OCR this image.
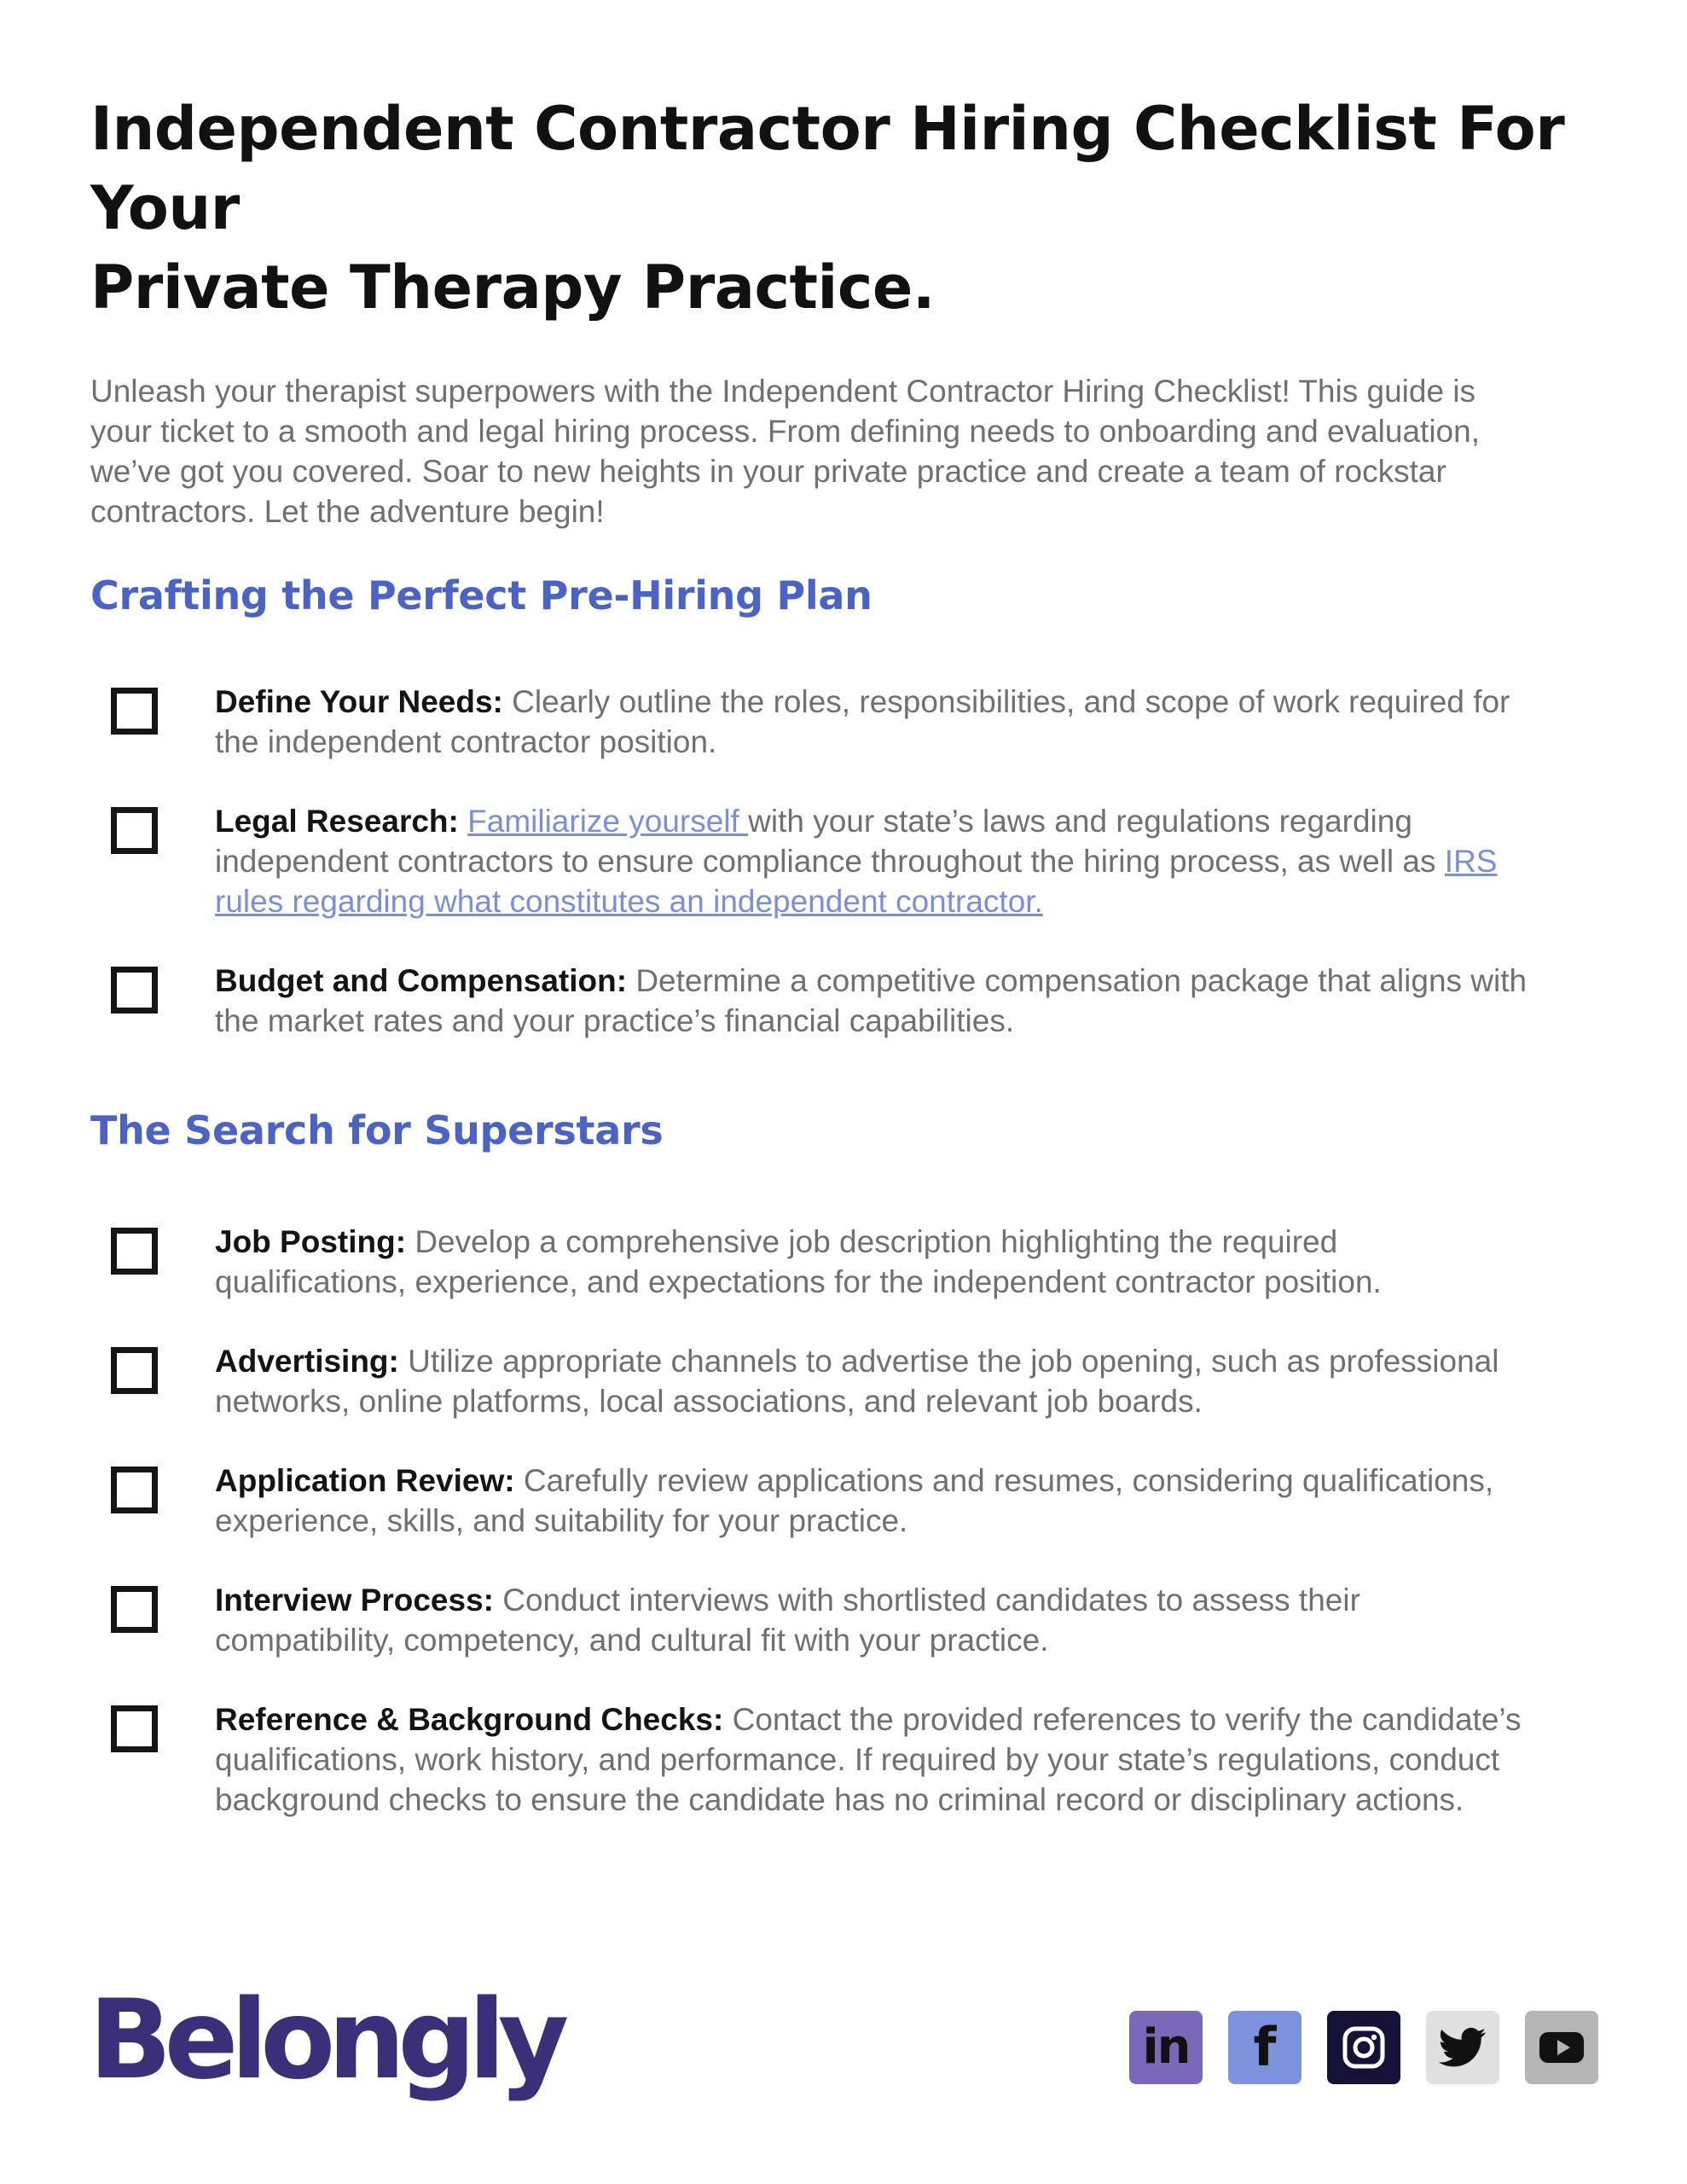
Independent Contractor Hiring Checklist For Your
Private Therapy Practice.

Unleash your therapist superpowers with the Independent Contractor Hiring Checklist! This guide is your ticket to a smooth and legal hiring process. From defining needs to onboarding and evaluation, we’ve got you covered. Soar to new heights in your private practice and create a team of rockstar contractors. Let the adventure begin!

Crafting the Perfect Pre-Hiring Plan
Define Your Needs: Clearly outline the roles, responsibilities, and scope of work required for the independent contractor position.
Legal Research: Familiarize yourself with your state’s laws and regulations regarding independent contractors to ensure compliance throughout the hiring process, as well as IRS rules regarding what constitutes an independent contractor.
Budget and Compensation: Determine a competitive compensation package that aligns with the market rates and your practice’s financial capabilities.
The Search for Superstars
Job Posting: Develop a comprehensive job description highlighting the required qualifications, experience, and expectations for the independent contractor position.
Advertising: Utilize appropriate channels to advertise the job opening, such as professional networks, online platforms, local associations, and relevant job boards.
Application Review: Carefully review applications and resumes, considering qualifications, experience, skills, and suitability for your practice.
Interview Process: Conduct interviews with shortlisted candidates to assess their compatibility, competency, and cultural fit with your practice.
Reference & Background Checks: Contact the provided references to verify the candidate’s qualifications, work history, and performance. If required by your state’s regulations, conduct background checks to ensure the candidate has no criminal record or disciplinary actions.
Belongly	in f
